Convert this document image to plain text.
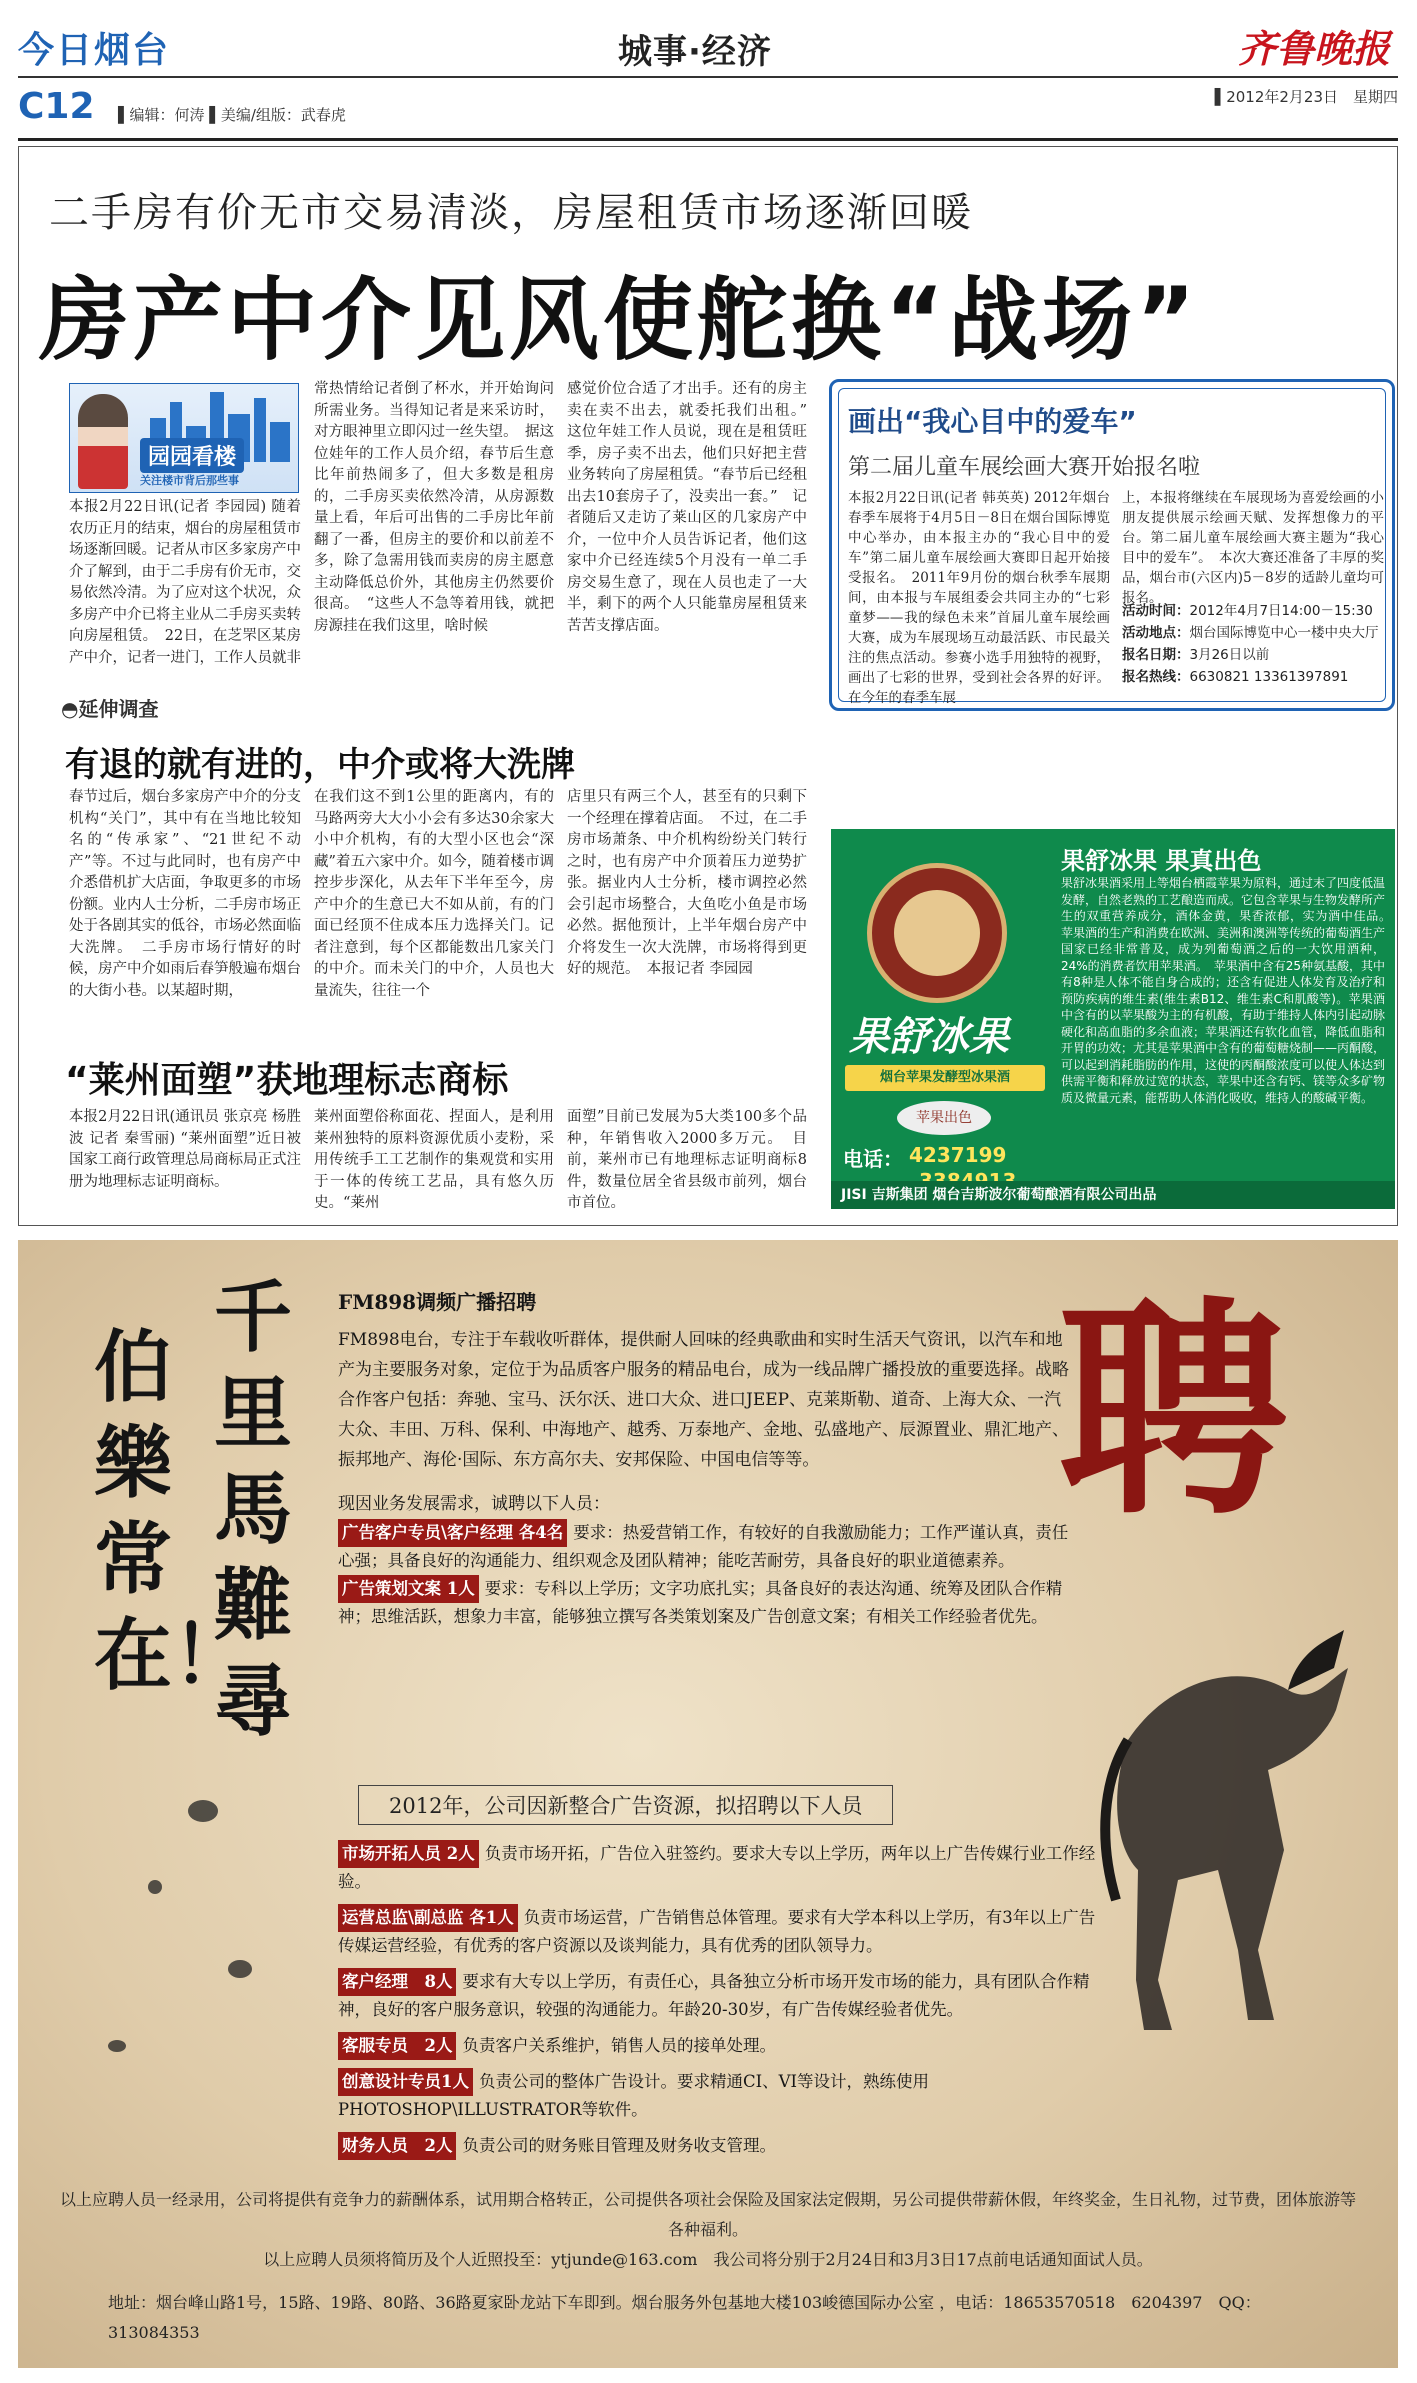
今日烟台	城事·经济	齐鲁晚报
C12 ▌编辑：何涛 ▌美编/组版：武春虎
▌2012年2月23日　星期四
二手房有价无市交易清淡，房屋租赁市场逐渐回暖
房产中介见风使舵换“战场”
园园看楼
关注楼市背后那些事
本报2月22日讯(记者 李园园) 随着农历正月的结束，烟台的房屋租赁市场逐渐回暖。记者从市区多家房产中介了解到，由于二手房有价无市，交易依然冷清。为了应对这个状况，众多房产中介已将主业从二手房买卖转向房屋租赁。　22日，在芝罘区某房产中介，记者一进门，工作人员就非
常热情给记者倒了杯水，并开始询问所需业务。当得知记者是来采访时，对方眼神里立即闪过一丝失望。　据这位娃年的工作人员介绍，春节后生意比年前热闹多了，但大多数是租房的，二手房买卖依然冷清，从房源数量上看，年后可出售的二手房比年前翻了一番，但房主的要价和以前差不多，除了急需用钱而卖房的房主愿意主动降低总价外，其他房主仍然要价很高。　“这些人不急等着用钱，就把房源挂在我们这里，啥时候
感觉价位合适了才出手。还有的房主卖在卖不出去，就委托我们出租。”　这位年娃工作人员说，现在是租赁旺季，房子卖不出去，他们只好把主营业务转向了房屋租赁。“春节后已经租出去10套房子了，没卖出一套。”　记者随后又走访了莱山区的几家房产中介，一位中介人员告诉记者，他们这家中介已经连续5个月没有一单二手房交易生意了，现在人员也走了一大半，剩下的两个人只能靠房屋租赁来苦苦支撑店面。
◓延伸调查
有退的就有进的，中介或将大洗牌
春节过后，烟台多家房产中介的分支机构“关门”，其中有在当地比较知名的“传承家”、“21世纪不动产”等。不过与此同时，也有房产中介悉借机扩大店面，争取更多的市场份额。业内人士分析，二手房市场正处于各剧其实的低谷，市场必然面临大洗牌。　二手房市场行情好的时候，房产中介如雨后春笋般遍布烟台的大街小巷。以某超时期，
在我们这不到1公里的距离内，有的马路两旁大大小小会有多达30余家大小中介机构，有的大型小区也会“深藏”着五六家中介。如今，随着楼市调控步步深化，从去年下半年至今，房产中介的生意已大不如从前，有的门面已经顶不住成本压力选择关门。记者注意到，每个区都能数出几家关门的中介。而未关门的中介，人员也大量流失，往往一个
店里只有两三个人，甚至有的只剩下一个经理在撑着店面。　不过，在二手房市场萧条、中介机构纷纷关门转行之时，也有房产中介顶着压力逆势扩张。据业内人士分析，楼市调控必然会引起市场整合，大鱼吃小鱼是市场必然。据他预计，上半年烟台房产中介将发生一次大洗牌，市场将得到更好的规范。　本报记者 李园园
“莱州面塑”获地理标志商标
本报2月22日讯(通讯员 张京亮 杨胜波 记者 秦雪丽) “莱州面塑”近日被国家工商行政管理总局商标局正式注册为地理标志证明商标。
莱州面塑俗称面花、捏面人，是利用莱州独特的原料资源优质小麦粉，采用传统手工工艺制作的集观赏和实用于一体的传统工艺品，具有悠久历史。“莱州
面塑”目前已发展为5大类100多个品种，年销售收入2000多万元。　目前，莱州市已有地理标志证明商标8件，数量位居全省县级市前列，烟台市首位。
画出“我心目中的爱车”
第二届儿童车展绘画大赛开始报名啦
本报2月22日讯(记者 韩英英) 2012年烟台春季车展将于4月5日－8日在烟台国际博览中心举办，由本报主办的“我心目中的爱车”第二届儿童车展绘画大赛即日起开始接受报名。　2011年9月份的烟台秋季车展期间，由本报与车展组委会共同主办的“七彩童梦——我的绿色未来”首届儿童车展绘画大赛，成为车展现场互动最活跃、市民最关注的焦点活动。参赛小选手用独特的视野，画出了七彩的世界，受到社会各界的好评。在今年的春季车展
上，本报将继续在车展现场为喜爱绘画的小朋友提供展示绘画天赋、发挥想像力的平台。第二届儿童车展绘画大赛主题为“我心目中的爱车”。　本次大赛还准备了丰厚的奖品，烟台市(六区内)5－8岁的适龄儿童均可报名。
活动时间：2012年4月7日14:00－15:30
活动地点：烟台国际博览中心一楼中央大厅
报名日期：3月26日以前
报名热线：6630821 13361397891
果舒冰果
烟台苹果发酵型冰果酒
苹果出色
果舒冰果 果真出色
果舒冰果酒采用上等烟台栖霞苹果为原料，通过末了四度低温发酵，自然老熟的工艺酿造而成。它包含苹果与生物发酵所产生的双重营养成分，酒体金黄，果香浓郁，实为酒中佳品。　苹果酒的生产和消费在欧洲、美洲和澳洲等传统的葡萄酒生产国家已经非常普及，成为列葡萄酒之后的一大饮用酒种，24%的消费者饮用苹果酒。　苹果酒中含有25种氨基酸，其中有8种是人体不能自身合成的；还含有促进人体发育及治疗和预防疾病的维生素(维生素B12、维生素C和肌酸等)。苹果酒中含有的以苹果酸为主的有机酸，有助于维持人体内引起动脉硬化和高血脂的多余血液；苹果酒还有软化血管，降低血脂和开胃的功效；尤其是苹果酒中含有的葡萄糖烧制——丙酮酸，可以起到消耗脂肪的作用，这使的丙酮酸浓度可以使人体达到供需平衡和释放过宽的状态，苹果中还含有钙、镁等众多矿物质及微量元素，能帮助人体消化吸收，维持人的酸碱平衡。
电话： 4237199
JISI 吉斯集团 烟台吉斯波尔葡萄酿酒有限公司出品
千里馬難尋
伯樂常在！
聘
FM898调频广播招聘
FM898电台，专注于车载收听群体，提供耐人回味的经典歌曲和实时生活天气资讯，以汽车和地产为主要服务对象，定位于为品质客户服务的精品电台，成为一线品牌广播投放的重要选择。战略合作客户包括：奔驰、宝马、沃尔沃、进口大众、进口JEEP、克莱斯勒、道奇、上海大众、一汽大众、丰田、万科、保利、中海地产、越秀、万泰地产、金地、弘盛地产、辰源置业、鼎汇地产、振邦地产、海伦·国际、东方高尔夫、安邦保险、中国电信等等。
现因业务发展需求，诚聘以下人员：
广告客户专员\客户经理 各4名 要求：热爱营销工作，有较好的自我激励能力；工作严谨认真，责任心强；具备良好的沟通能力、组织观念及团队精神；能吃苦耐劳，具备良好的职业道德素养。
广告策划文案 1人 要求：专科以上学历；文字功底扎实；具备良好的表达沟通、统筹及团队合作精神；思维活跃，想象力丰富，能够独立撰写各类策划案及广告创意文案；有相关工作经验者优先。
2012年，公司因新整合广告资源，拟招聘以下人员
市场开拓人员 2人 负责市场开拓，广告位入驻签约。要求大专以上学历，两年以上广告传媒行业工作经验。
运营总监\副总监 各1人 负责市场运营，广告销售总体管理。要求有大学本科以上学历，有3年以上广告传媒运营经验，有优秀的客户资源以及谈判能力，具有优秀的团队领导力。
客户经理　8人 要求有大专以上学历，有责任心，具备独立分析市场开发市场的能力，具有团队合作精神，良好的客户服务意识，较强的沟通能力。年龄20-30岁，有广告传媒经验者优先。
客服专员　2人 负责客户关系维护，销售人员的接单处理。
创意设计专员1人 负责公司的整体广告设计。要求精通CI、VI等设计，熟练使用PHOTOSHOP\ILLUSTRATOR等软件。
财务人员　2人 负责公司的财务账目管理及财务收支管理。
以上应聘人员一经录用，公司将提供有竞争力的薪酬体系，试用期合格转正，公司提供各项社会保险及国家法定假期，另公司提供带薪休假，年终奖金，生日礼物，过节费，团体旅游等各种福利。
以上应聘人员须将简历及个人近照投至：ytjunde@163.com　我公司将分别于2月24日和3月3日17点前电话通知面试人员。
地址：烟台峰山路1号，15路、19路、80路、36路夏家卧龙站下车即到。烟台服务外包基地大楼103峻德国际办公室 ，电话：18653570518　6204397　QQ：313084353
